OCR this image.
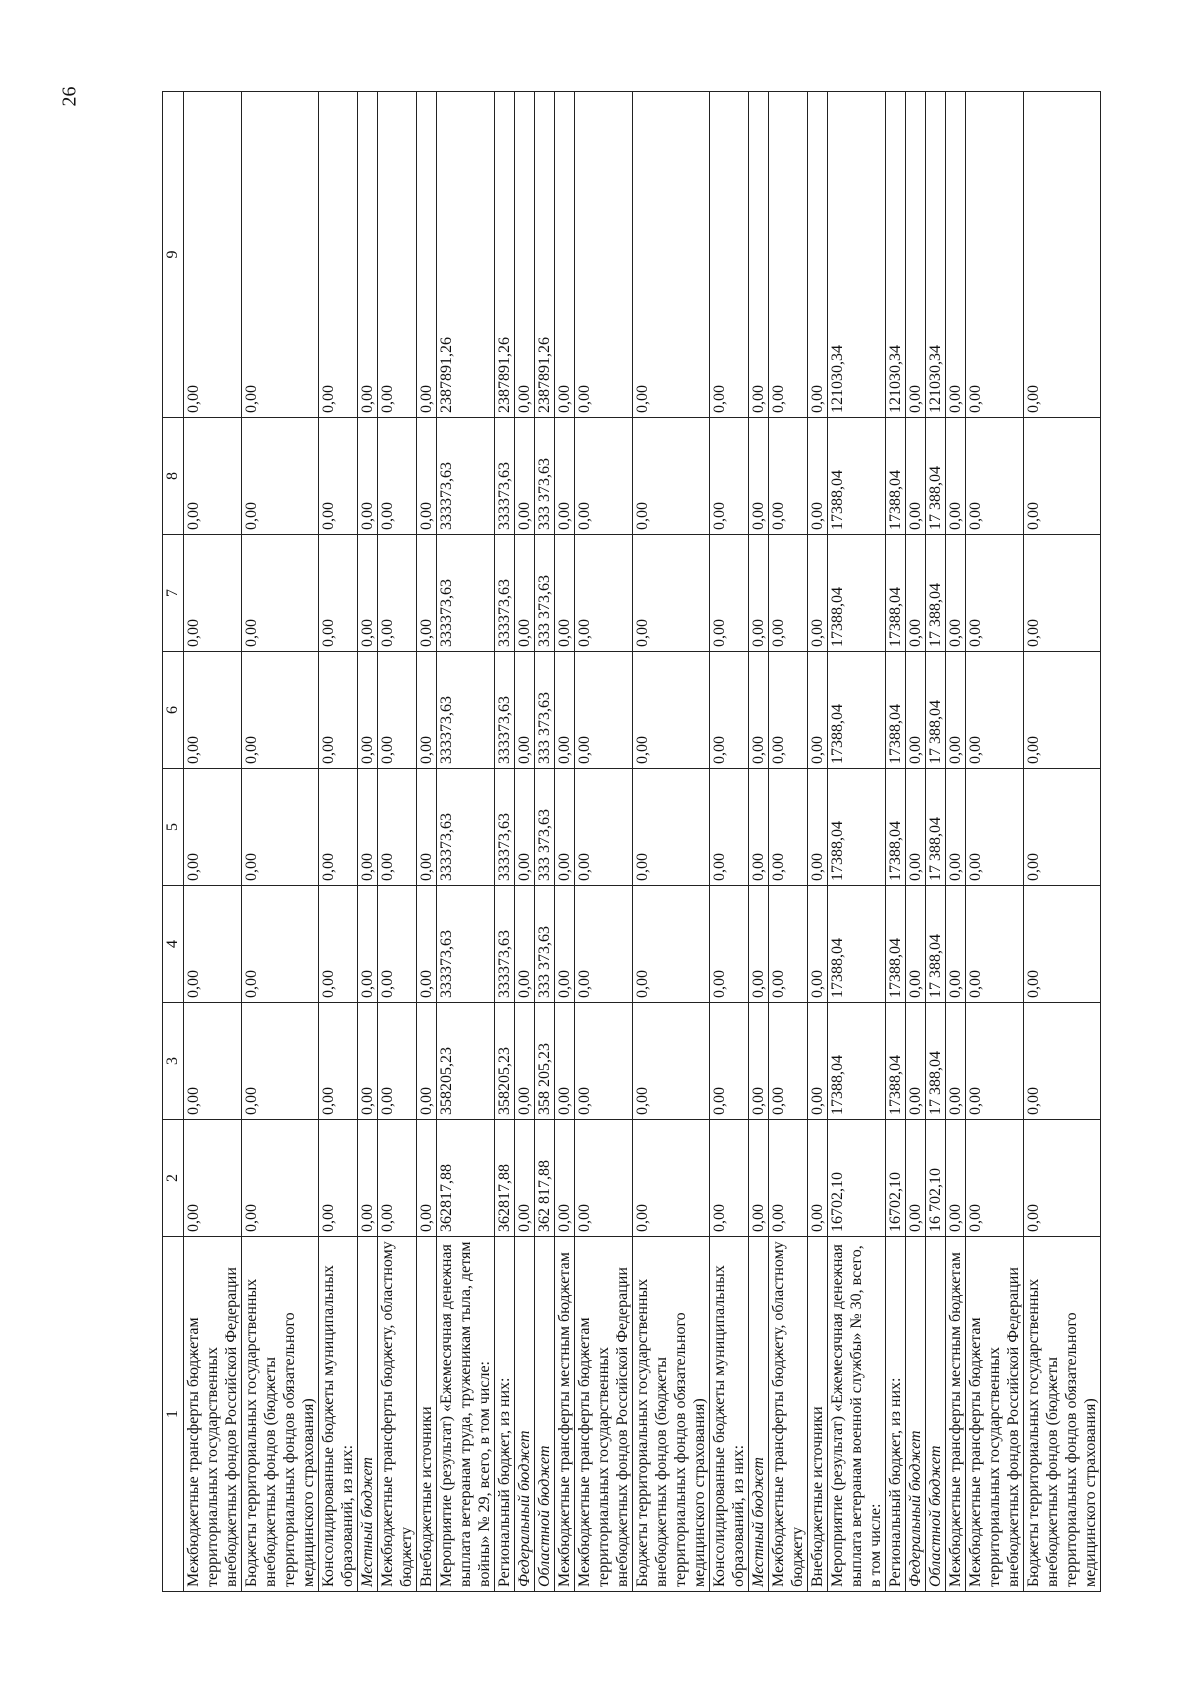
26
1	2	3	4	5	6	7	8	9
Межбюджетные трансферты бюджетам территориальных государственных внебюджетных фондов Российской Федерации	0,00	0,00	0,00	0,00	0,00	0,00	0,00	0,00
Бюджеты территориальных государственных внебюджетных фондов (бюджеты территориальных фондов обязательного медицинского страхования)	0,00	0,00	0,00	0,00	0,00	0,00	0,00	0,00
Консолидированные бюджеты муниципальных образований, из них:	0,00	0,00	0,00	0,00	0,00	0,00	0,00	0,00
Местный бюджет	0,00	0,00	0,00	0,00	0,00	0,00	0,00	0,00
Межбюджетные трансферты бюджету, областному бюджету	0,00	0,00	0,00	0,00	0,00	0,00	0,00	0,00
Внебюджетные источники	0,00	0,00	0,00	0,00	0,00	0,00	0,00	0,00
Мероприятие (результат) «Ежемесячная денежная выплата ветеранам труда, труженикам тыла, детям войны» № 29, всего, в том числе:	362817,88	358205,23	333373,63	333373,63	333373,63	333373,63	333373,63	2387891,26
Региональный бюджет, из них:	362817,88	358205,23	333373,63	333373,63	333373,63	333373,63	333373,63	2387891,26
Федеральный бюджет	0,00	0,00	0,00	0,00	0,00	0,00	0,00	0,00
Областной бюджет	362 817,88	358 205,23	333 373,63	333 373,63	333 373,63	333 373,63	333 373,63	2387891,26
Межбюджетные трансферты местным бюджетам	0,00	0,00	0,00	0,00	0,00	0,00	0,00	0,00
Межбюджетные трансферты бюджетам территориальных государственных внебюджетных фондов Российской Федерации	0,00	0,00	0,00	0,00	0,00	0,00	0,00	0,00
Бюджеты территориальных государственных внебюджетных фондов (бюджеты территориальных фондов обязательного медицинского страхования)	0,00	0,00	0,00	0,00	0,00	0,00	0,00	0,00
Консолидированные бюджеты муниципальных образований, из них:	0,00	0,00	0,00	0,00	0,00	0,00	0,00	0,00
Местный бюджет	0,00	0,00	0,00	0,00	0,00	0,00	0,00	0,00
Межбюджетные трансферты бюджету, областному бюджету	0,00	0,00	0,00	0,00	0,00	0,00	0,00	0,00
Внебюджетные источники	0,00	0,00	0,00	0,00	0,00	0,00	0,00	0,00
Мероприятие (результат) «Ежемесячная денежная выплата ветеранам военной службы» № 30, всего, в том числе:	16702,10	17388,04	17388,04	17388,04	17388,04	17388,04	17388,04	121030,34
Региональный бюджет, из них:	16702,10	17388,04	17388,04	17388,04	17388,04	17388,04	17388,04	121030,34
Федеральный бюджет	0,00	0,00	0,00	0,00	0,00	0,00	0,00	0,00
Областной бюджет	16 702,10	17 388,04	17 388,04	17 388,04	17 388,04	17 388,04	17 388,04	121030,34
Межбюджетные трансферты местным бюджетам	0,00	0,00	0,00	0,00	0,00	0,00	0,00	0,00
Межбюджетные трансферты бюджетам территориальных государственных внебюджетных фондов Российской Федерации	0,00	0,00	0,00	0,00	0,00	0,00	0,00	0,00
Бюджеты территориальных государственных внебюджетных фондов (бюджеты территориальных фондов обязательного медицинского страхования)	0,00	0,00	0,00	0,00	0,00	0,00	0,00	0,00
